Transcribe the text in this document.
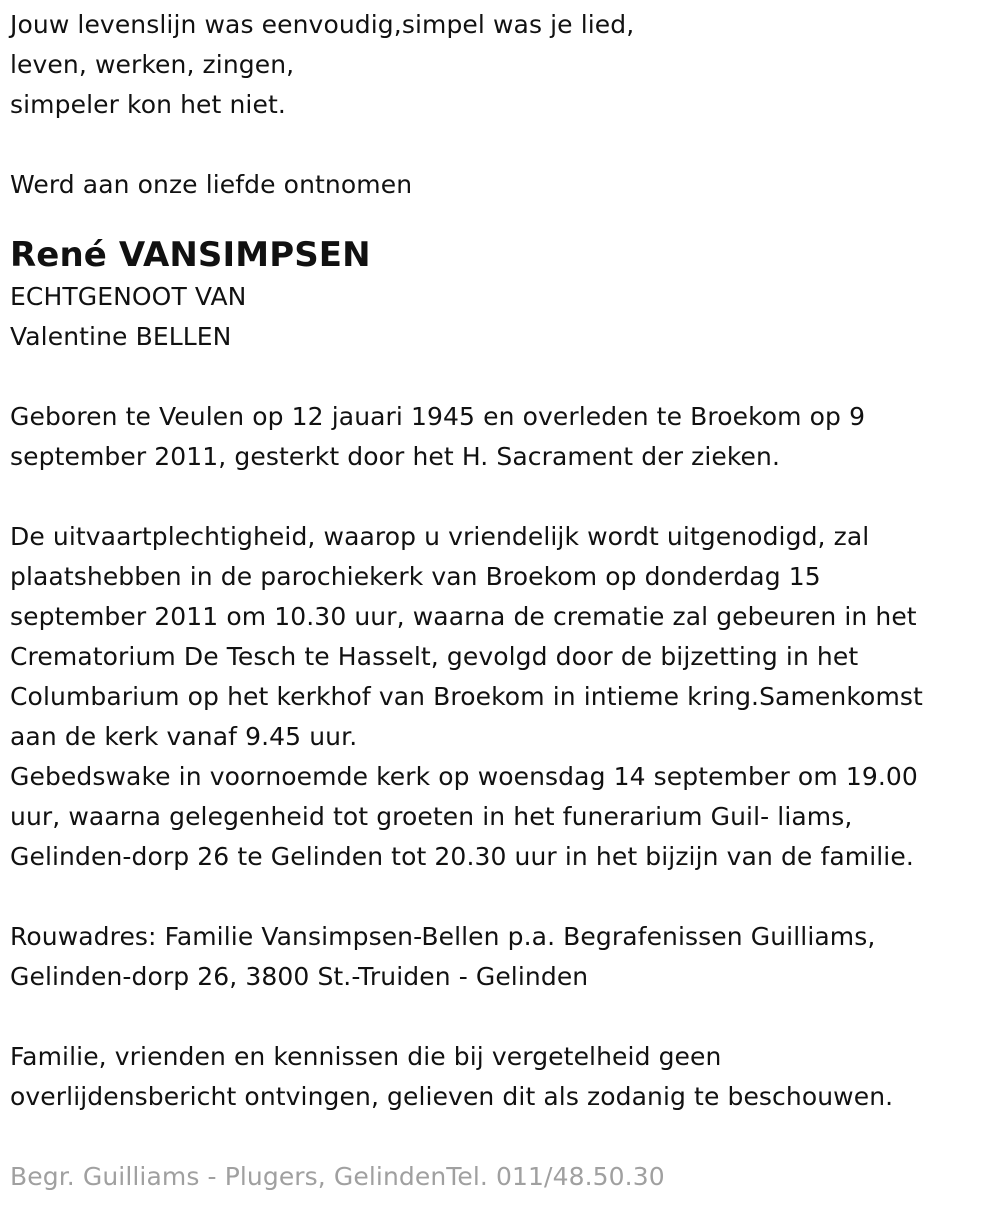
Jouw levenslijn was eenvoudig,simpel was je lied,
leven, werken, zingen,
simpeler kon het niet.
Werd aan onze liefde ontnomen
René VANSIMPSEN
ECHTGENOOT VAN
Valentine BELLEN
Geboren te Veulen op 12 jauari 1945 en overleden te Broekom op 9
september 2011, gesterkt door het H. Sacrament der zieken.
De uitvaartplechtigheid, waarop u vriendelijk wordt uitgenodigd, zal
plaatshebben in de parochiekerk van Broekom op donderdag 15
september 2011 om 10.30 uur, waarna de crematie zal gebeuren in het
Crematorium De Tesch te Hasselt, gevolgd door de bijzetting in het
Columbarium op het kerkhof van Broekom in intieme kring.Samenkomst
aan de kerk vanaf 9.45 uur.
Gebedswake in voornoemde kerk op woensdag 14 september om 19.00
uur, waarna gelegenheid tot groeten in het funerarium Guil- liams,
Gelinden-dorp 26 te Gelinden tot 20.30 uur in het bijzijn van de familie.
Rouwadres: Familie Vansimpsen-Bellen p.a. Begrafenissen Guilliams,
Gelinden-dorp 26, 3800 St.-Truiden - Gelinden
Familie, vrienden en kennissen die bij vergetelheid geen
overlijdensbericht ontvingen, gelieven dit als zodanig te beschouwen.
Begr. Guilliams - Plugers, GelindenTel. 011/48.50.30
